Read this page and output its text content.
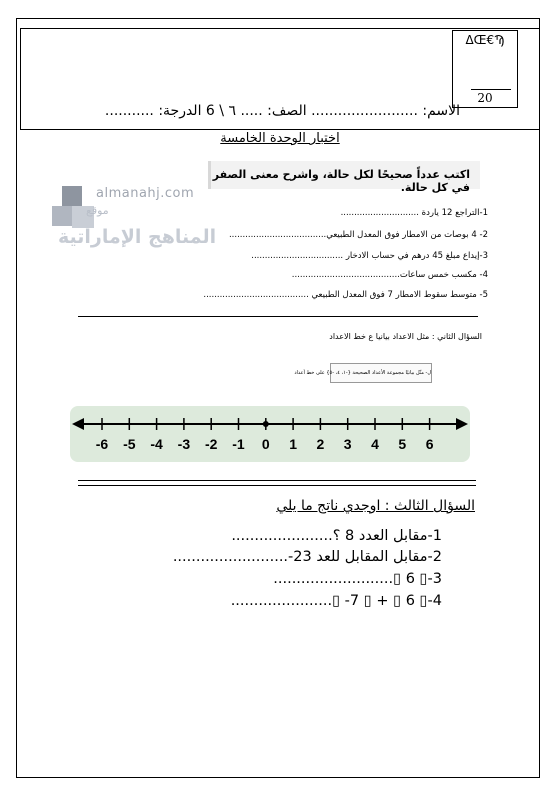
ΔŒ€Ϡ
20
الاسم: ........................ الصف: ..... ٦ \ 6 الدرجة: ...........
اختبار الوحدة الخامسة
almanahj.com
موقع
المناهج الإماراتية
اكتب عدداً صحيحًا لكل حالة، واشرح معنى الصفر في كل حالة.
1-التراجع 12 ياردة .............................
2- 4 بوصات من الامطار فوق المعدل الطبيعي....................................
3-إيداع مبلغ 45 درهم في حساب الادخار ..................................
4- مكسب خمس ساعات........................................
5- متوسط سقوط الامطار 7 فوق المعدل الطبيعي .......................................
السؤال الثاني : مثل الاعداد بيانيا ع خط الاعداد
ل- مثّل بيانيًا مجموعة الأعداد الصحيحة {-١، ٤، -٥} على خط أعداد
-6 -5 -4 -3 -2 -1 0 1 2 3 4 5 6
السؤال الثالث : اوجدي ناتج ما يلي
1-مقابل العدد 8 ؟......................
2-مقابل المقابل للعد 23-.........................
3-▯ 6 ▯..........................
4-▯ 6 ▯ + ▯ 7- ▯......................
